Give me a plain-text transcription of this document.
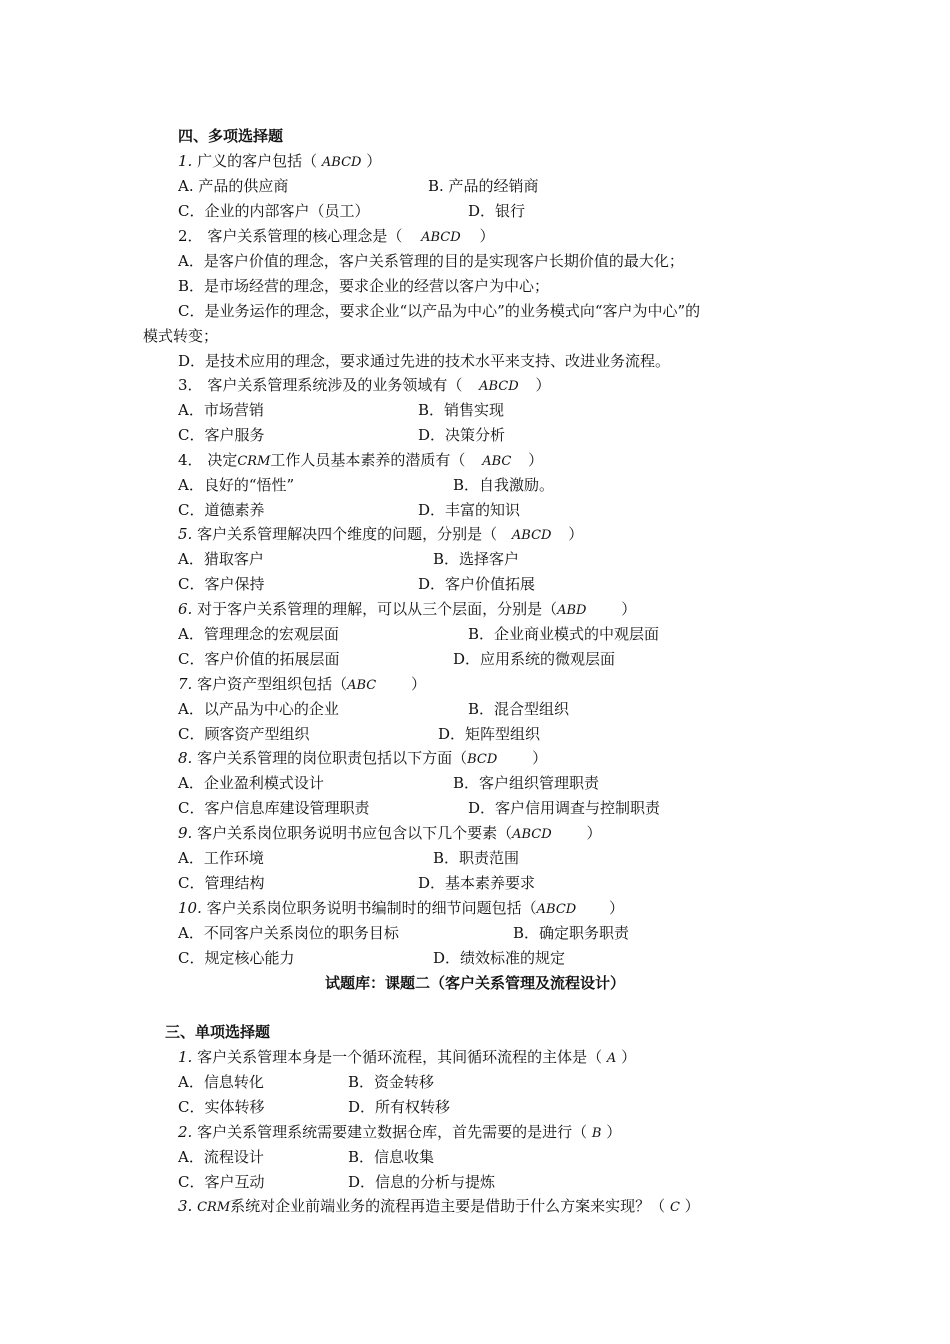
四、多项选择题
1. 广义的客户包括（ ABCD ）
A. 产品的供应商	B. 产品的经销商
C．企业的内部客户（员工）	D．银行
2． 客户关系管理的核心理念是（ ABCD ）
A．是客户价值的理念，客户关系管理的目的是实现客户长期价值的最大化；
B．是市场经营的理念，要求企业的经营以客户为中心；
C．是业务运作的理念，要求企业“以产品为中心”的业务模式向“客户为中心”的
模式转变；
D．是技术应用的理念，要求通过先进的技术水平来支持、改进业务流程。
3． 客户关系管理系统涉及的业务领域有（ ABCD ）
A．市场营销	B．销售实现
C．客户服务	D．决策分析
4． 决定CRM工作人员基本素养的潜质有（ ABC ）
A．良好的“悟性”	B．自我激励。
C．道德素养	D．丰富的知识
5. 客户关系管理解决四个维度的问题，分别是（ ABCD ）
A．猎取客户	B．选择客户
C．客户保持	D．客户价值拓展
6. 对于客户关系管理的理解，可以从三个层面，分别是（ABD ）
A．管理理念的宏观层面	B．企业商业模式的中观层面
C．客户价值的拓展层面	D．应用系统的微观层面
7. 客户资产型组织包括（ABC ）
A．以产品为中心的企业	B．混合型组织
C．顾客资产型组织	D．矩阵型组织
8. 客户关系管理的岗位职责包括以下方面（BCD ）
A．企业盈利模式设计	B．客户组织管理职责
C．客户信息库建设管理职责	D．客户信用调查与控制职责
9. 客户关系岗位职务说明书应包含以下几个要素（ABCD ）
A．工作环境	B．职责范围
C．管理结构	D．基本素养要求
10. 客户关系岗位职务说明书编制时的细节问题包括（ABCD ）
A．不同客户关系岗位的职务目标	B．确定职务职责
C．规定核心能力	D．绩效标准的规定
试题库：课题二（客户关系管理及流程设计）
三、单项选择题
1. 客户关系管理本身是一个循环流程，其间循环流程的主体是（ A ）
A．信息转化	B．资金转移
C．实体转移	D．所有权转移
2. 客户关系管理系统需要建立数据仓库，首先需要的是进行（ B ）
A．流程设计	B．信息收集
C．客户互动	D．信息的分析与提炼
3. CRM系统对企业前端业务的流程再造主要是借助于什么方案来实现？（ C ）
